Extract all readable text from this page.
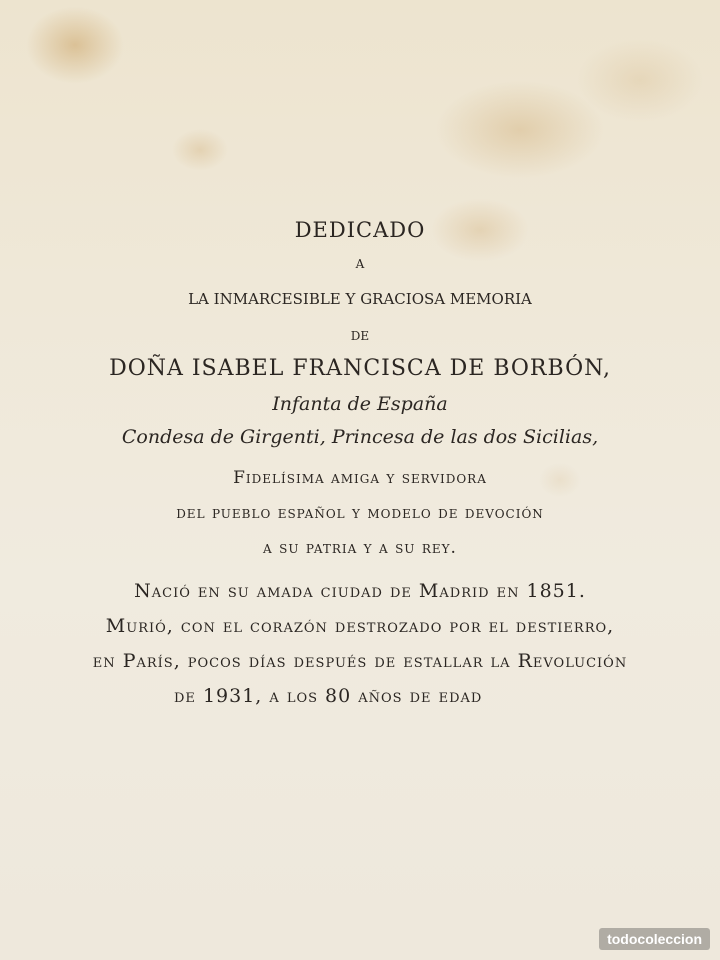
DEDICADO
A
LA INMARCESIBLE Y GRACIOSA MEMORIA
DE
DOÑA ISABEL FRANCISCA DE BORBÓN,
Infanta de España
Condesa de Girgenti, Princesa de las dos Sicilias,
Fidelísima amiga y servidora
del pueblo español y modelo de devoción
a su patria y a su rey.
Nació en su amada ciudad de Madrid en 1851.
Murió, con el corazón destrozado por el destierro,
en París, pocos días después de estallar la Revolución
de 1931, a los 80 años de edad
todocoleccion
